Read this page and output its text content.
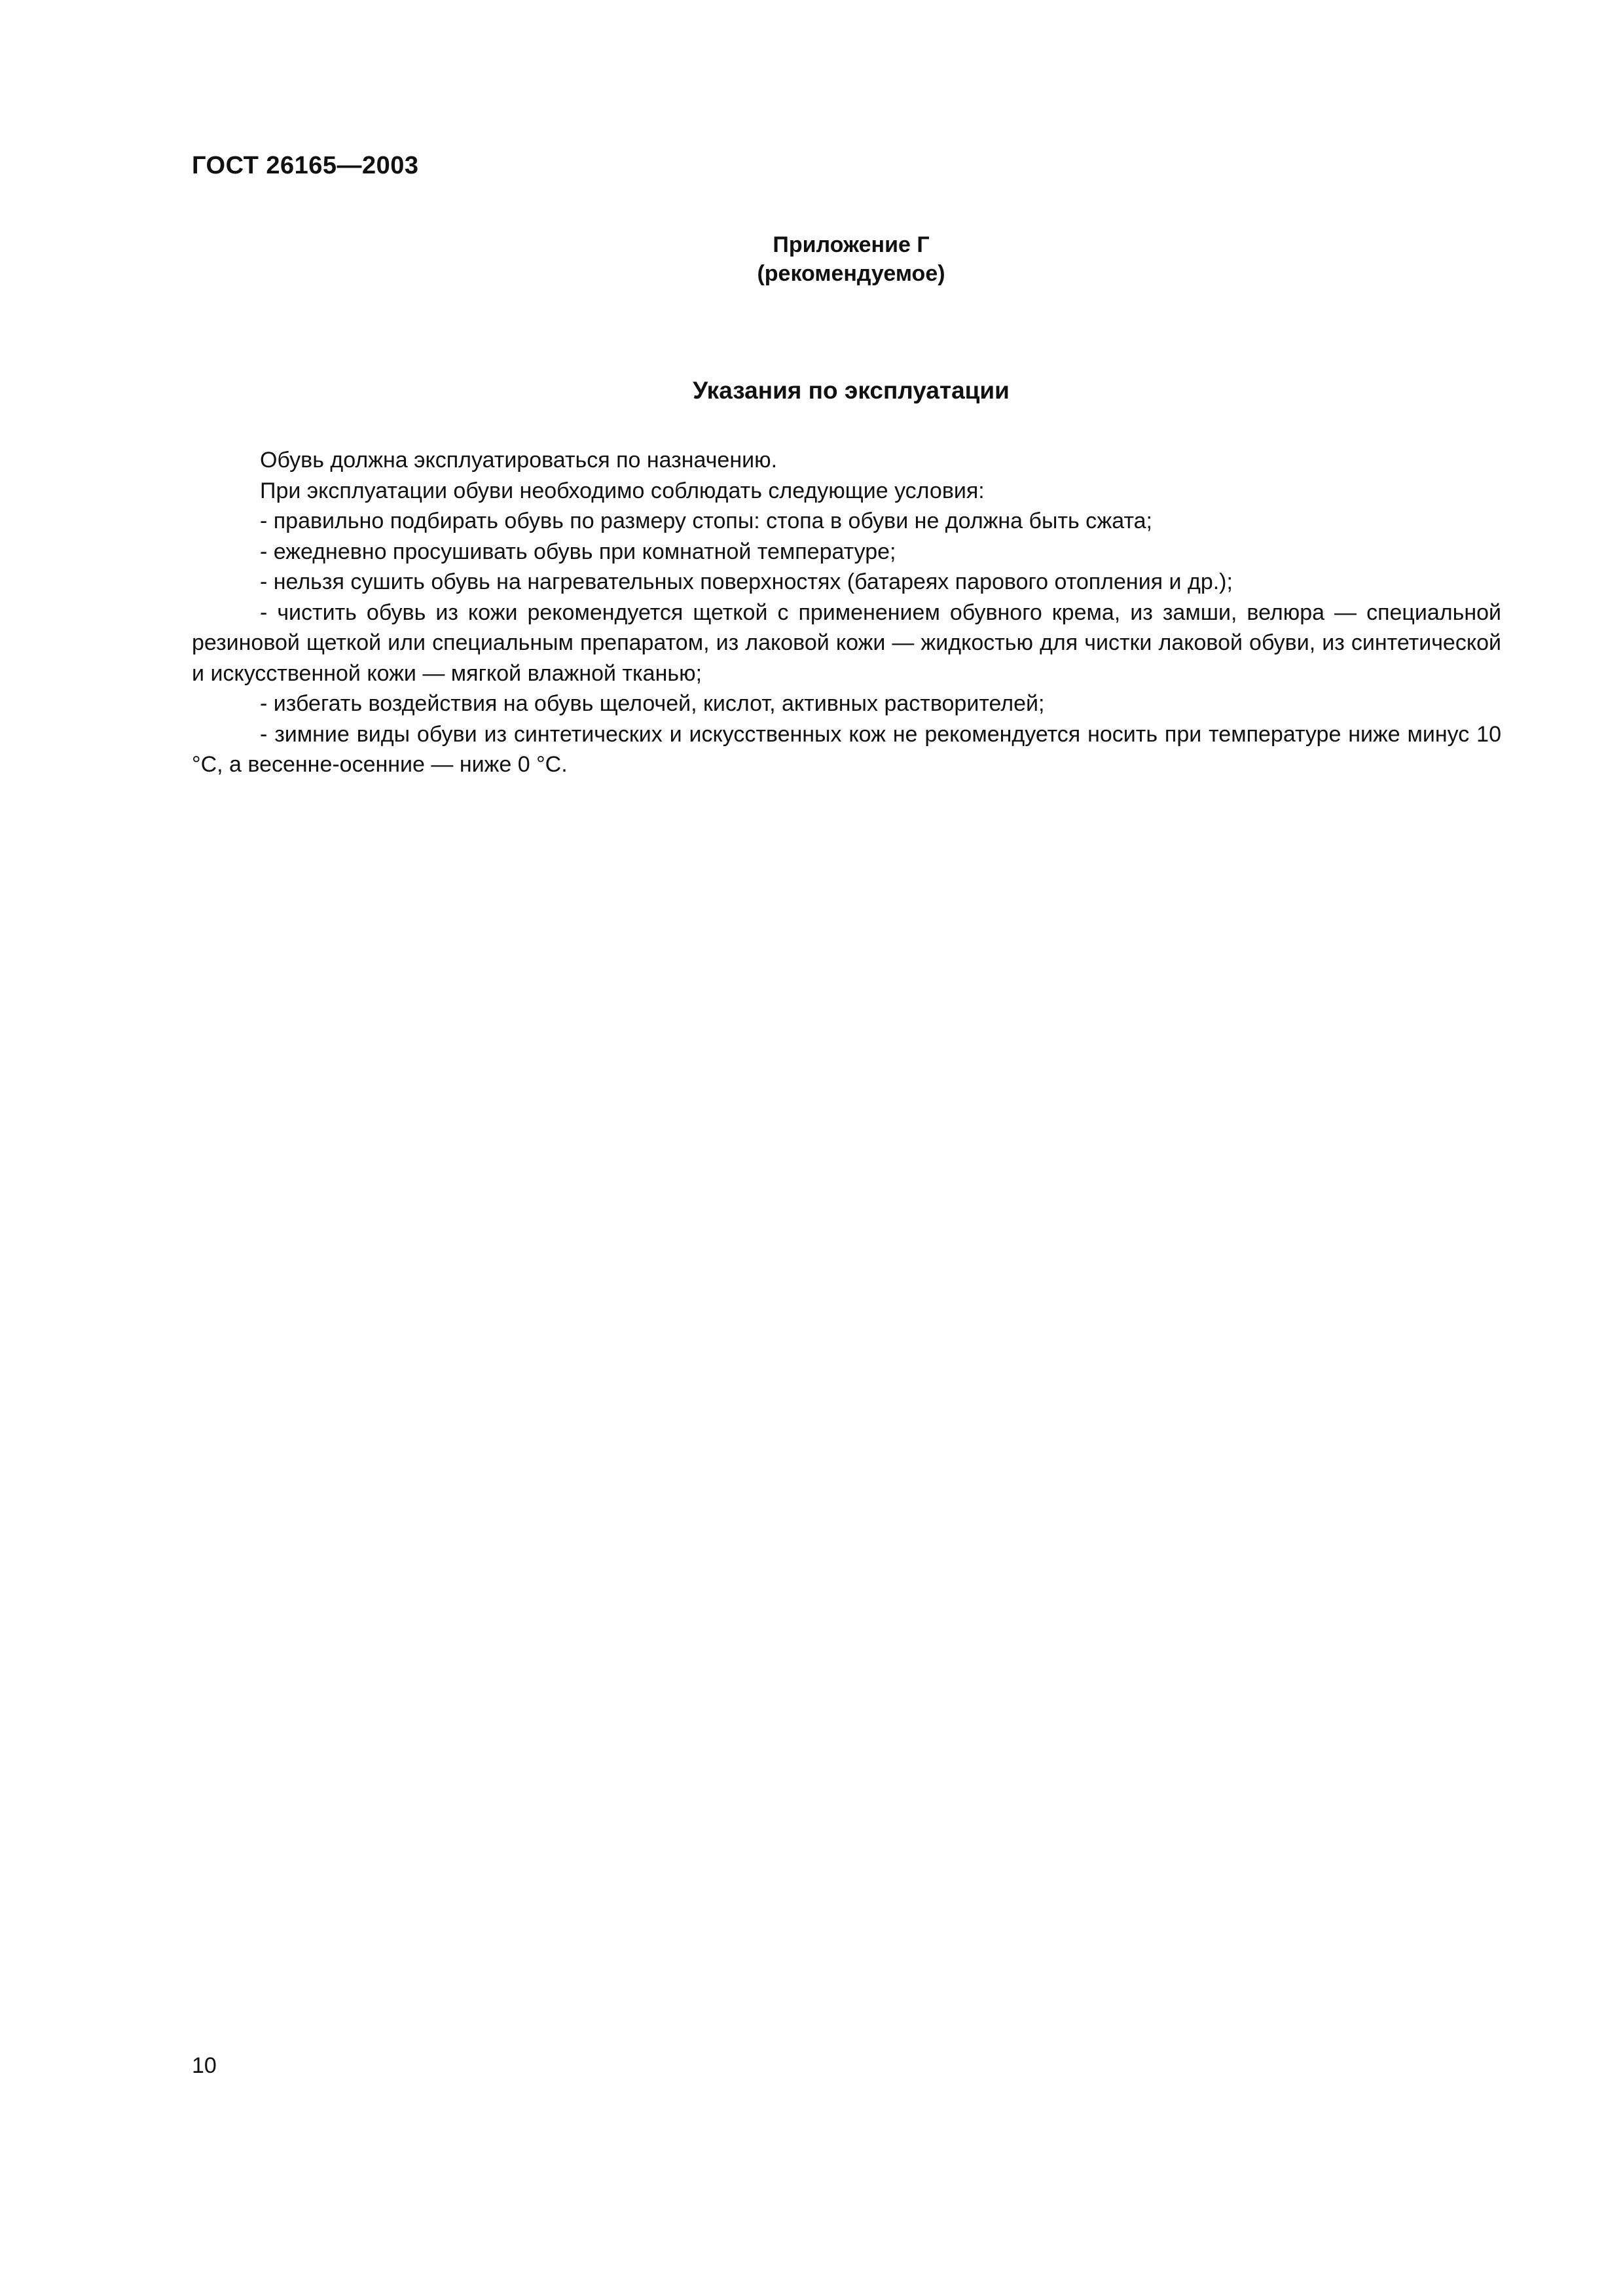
ГОСТ 26165—2003
Приложение Г
(рекомендуемое)
Указания по эксплуатации

Обувь должна эксплуатироваться по назначению.

При эксплуатации обуви необходимо соблюдать следующие условия:

- правильно подбирать обувь по размеру стопы: стопа в обуви не должна быть сжата;

- ежедневно просушивать обувь при комнатной температуре;

- нельзя сушить обувь на нагревательных поверхностях (батареях парового отопления и др.);

- чистить обувь из кожи рекомендуется щеткой с применением обувного крема, из замши, велюра — специальной резиновой щеткой или специальным препаратом, из лаковой кожи — жидкостью для чистки лаковой обуви, из синтетической и искусственной кожи — мягкой влажной тканью;

- избегать воздействия на обувь щелочей, кислот, активных растворителей;

- зимние виды обуви из синтетических и искусственных кож не рекомендуется носить при температуре ниже минус 10 °С, а весенне-осенние — ниже 0 °С.

10
